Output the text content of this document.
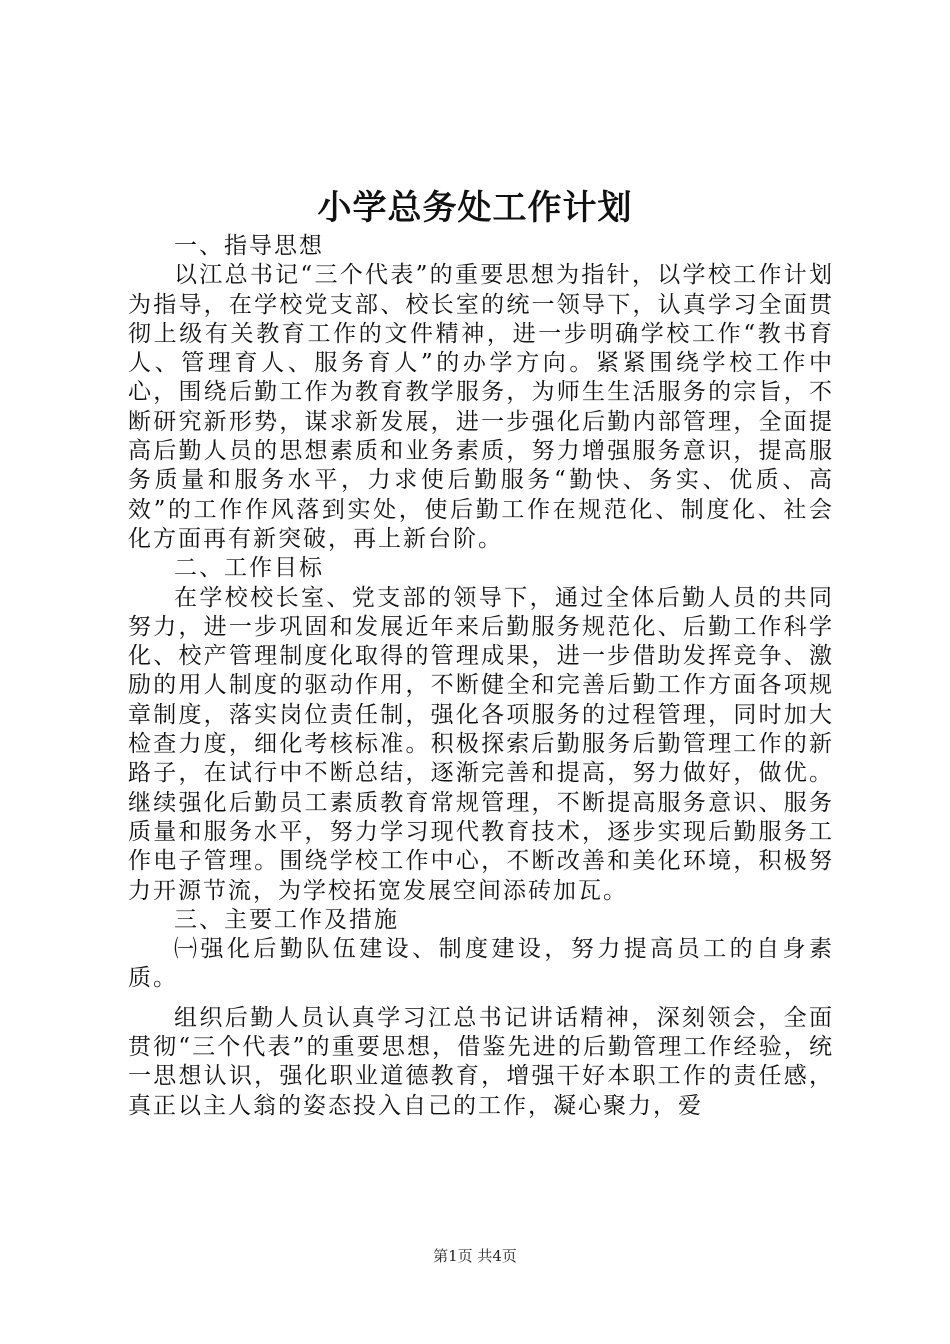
小学总务处工作计划

一、指导思想

以江总书记“三个代表”的重要思想为指针，以学校工作计划为指导，在学校党支部、校长室的统一领导下，认真学习全面贯彻上级有关教育工作的文件精神，进一步明确学校工作“教书育人、管理育人、服务育人”的办学方向。紧紧围绕学校工作中心，围绕后勤工作为教育教学服务，为师生生活服务的宗旨，不断研究新形势，谋求新发展，进一步强化后勤内部管理，全面提高后勤人员的思想素质和业务素质，努力增强服务意识，提高服务质量和服务水平，力求使后勤服务“勤快、务实、优质、高效”的工作作风落到实处，使后勤工作在规范化、制度化、社会化方面再有新突破，再上新台阶。

二、工作目标

在学校校长室、党支部的领导下，通过全体后勤人员的共同努力，进一步巩固和发展近年来后勤服务规范化、后勤工作科学化、校产管理制度化取得的管理成果，进一步借助发挥竞争、激励的用人制度的驱动作用，不断健全和完善后勤工作方面各项规章制度，落实岗位责任制，强化各项服务的过程管理，同时加大检查力度，细化考核标准。积极探索后勤服务后勤管理工作的新路子，在试行中不断总结，逐渐完善和提高，努力做好，做优。继续强化后勤员工素质教育常规管理，不断提高服务意识、服务质量和服务水平，努力学习现代教育技术，逐步实现后勤服务工作电子管理。围绕学校工作中心，不断改善和美化环境，积极努力开源节流，为学校拓宽发展空间添砖加瓦。

三、主要工作及措施

㈠强化后勤队伍建设、制度建设，努力提高员工的自身素质。

组织后勤人员认真学习江总书记讲话精神，深刻领会，全面贯彻“三个代表”的重要思想，借鉴先进的后勤管理工作经验，统一思想认识，强化职业道德教育，增强干好本职工作的责任感，真正以主人翁的姿态投入自己的工作，凝心聚力，爱

第1页 共4页
